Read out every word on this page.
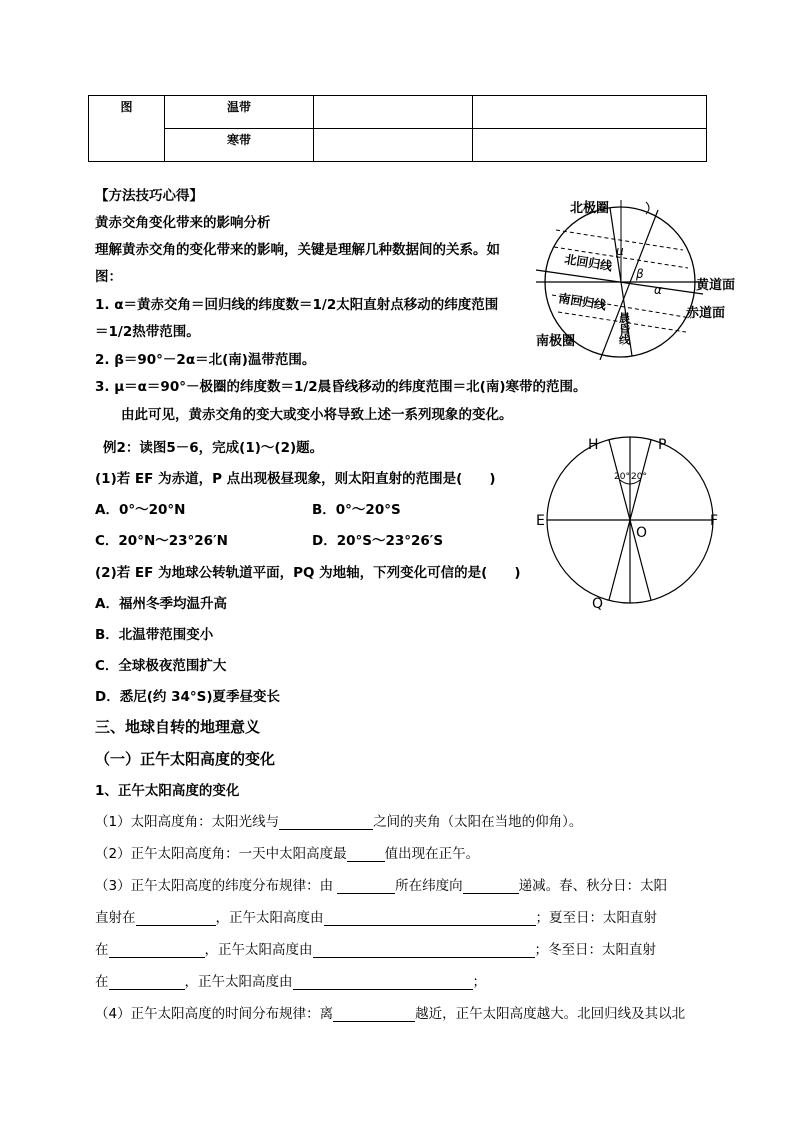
图	温带		
	寒带		
【方法技巧心得】
黄赤交角变化带来的影响分析
理解黄赤交角的变化带来的影响，关键是理解几种数据间的关系。如
图：
1. α＝黄赤交角＝回归线的纬度数＝1/2太阳直射点移动的纬度范围
＝1/2热带范围。
2. β＝90°－2α＝北(南)温带范围。
3. μ＝α＝90°－极圈的纬度数＝1/2晨昏线移动的纬度范围＝北(南)寒带的范围。
由此可见，黄赤交角的变大或变小将导致上述一系列现象的变化。
北极圈
北回归线
南回归线
南极圈
黄道面
赤道面
晨昏线
μ
β
α
例2：读图5－6，完成(1)～(2)题。
(1)若 EF 为赤道，P 点出现极昼现象，则太阳直射的范围是(　　)
A．0°～20°N	B．0°～20°S
C．20°N～23°26′N	D．20°S～23°26′S
(2)若 EF 为地球公转轨道平面，PQ 为地轴，下列变化可信的是(　　)
A．福州冬季均温升高
B．北温带范围变小
C．全球极夜范围扩大
D．悉尼(约 34°S)夏季昼变长
H	P
E	F
O
Q
20° 20°
三、地球自转的地理意义
（一）正午太阳高度的变化
1、正午太阳高度的变化
（1）太阳高度角：太阳光线与	之间的夹角（太阳在当地的仰角）。
（2）正午太阳高度角：一天中太阳高度最	值出现在正午。
（3）正午太阳高度的纬度分布规律：由	所在纬度向	递减。春、秋分日：太阳
直射在	，正午太阳高度由	；夏至日：太阳直射
在	，正午太阳高度由	；冬至日：太阳直射
在	，正午太阳高度由	；
（4）正午太阳高度的时间分布规律：离	越近，正午太阳高度越大。北回归线及其以北
